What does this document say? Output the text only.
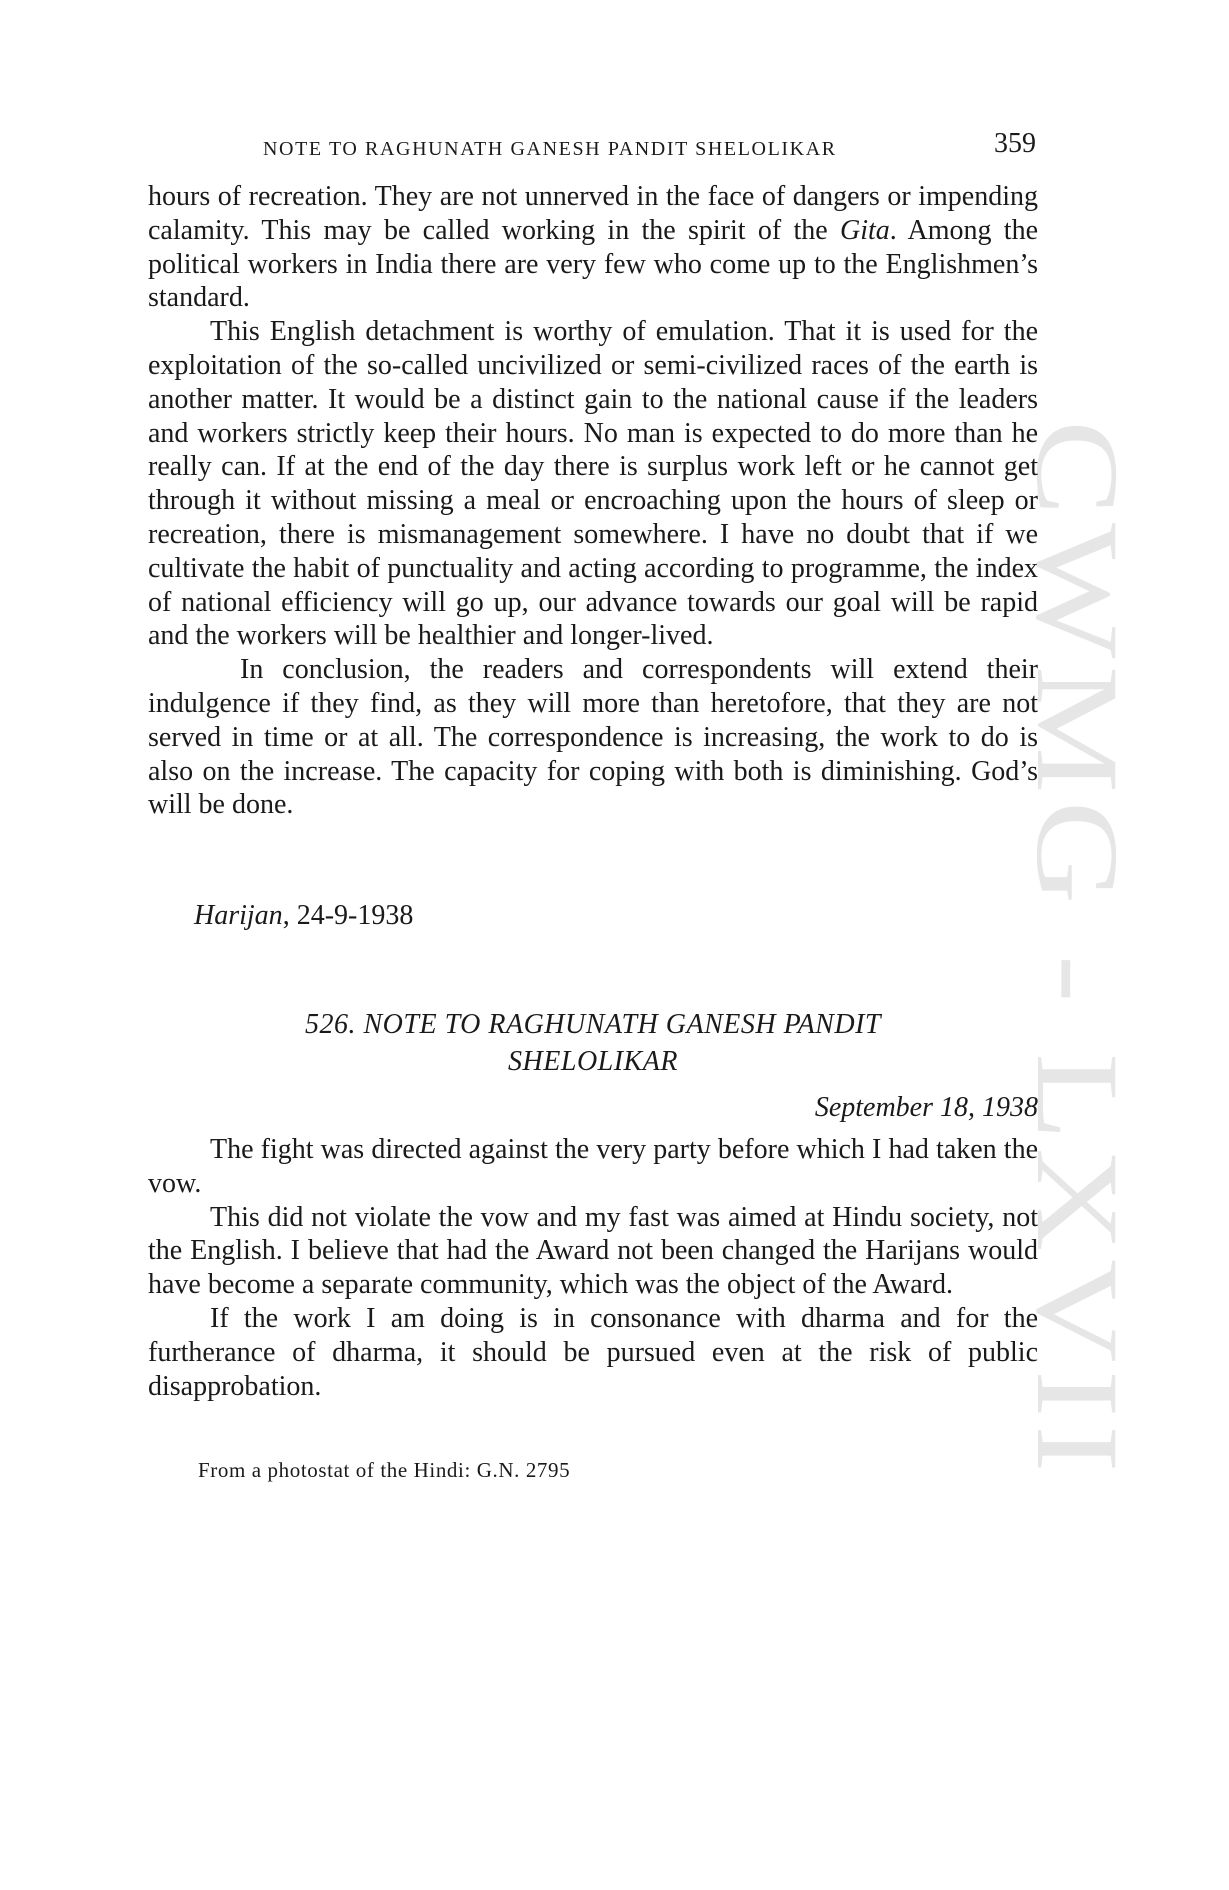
CWMG - LXVII
NOTE TO RAGHUNATH GANESH PANDIT SHELOLIKAR	359

hours of recreation. They are not unnerved in the face of dangers or impending calamity. This may be called working in the spirit of the Gita. Among the political workers in India there are very few who come up to the Englishmen’s standard.

This English detachment is worthy of emulation. That it is used for the exploitation of the so-called uncivilized or semi-civilized races of the earth is another matter. It would be a distinct gain to the national cause if the leaders and workers strictly keep their hours. No man is expected to do more than he really can. If at the end of the day there is surplus work left or he cannot get through it without missing a meal or encroaching upon the hours of sleep or recreation, there is mismanagement somewhere. I have no doubt that if we cultivate the habit of punctuality and acting according to programme, the index of national efficiency will go up, our advance towards our goal will be rapid and the workers will be healthier and longer-lived.

In conclusion, the readers and correspondents will extend their indulgence if they find, as they will more than heretofore, that they are not served in time or at all. The correspondence is increasing, the work to do is also on the increase. The capacity for coping with both is diminishing. God’s will be done.

Harijan, 24-9-1938
526. NOTE TO RAGHUNATH GANESH PANDIT
SHELOLIKAR
September 18, 1938

The fight was directed against the very party before which I had taken the vow.

This did not violate the vow and my fast was aimed at Hindu society, not the English. I believe that had the Award not been changed the Harijans would have become a separate community, which was the object of the Award.

If the work I am doing is in consonance with dharma and for the furtherance of dharma, it should be pursued even at the risk of public disapprobation.

From a photostat of the Hindi: G.N. 2795
